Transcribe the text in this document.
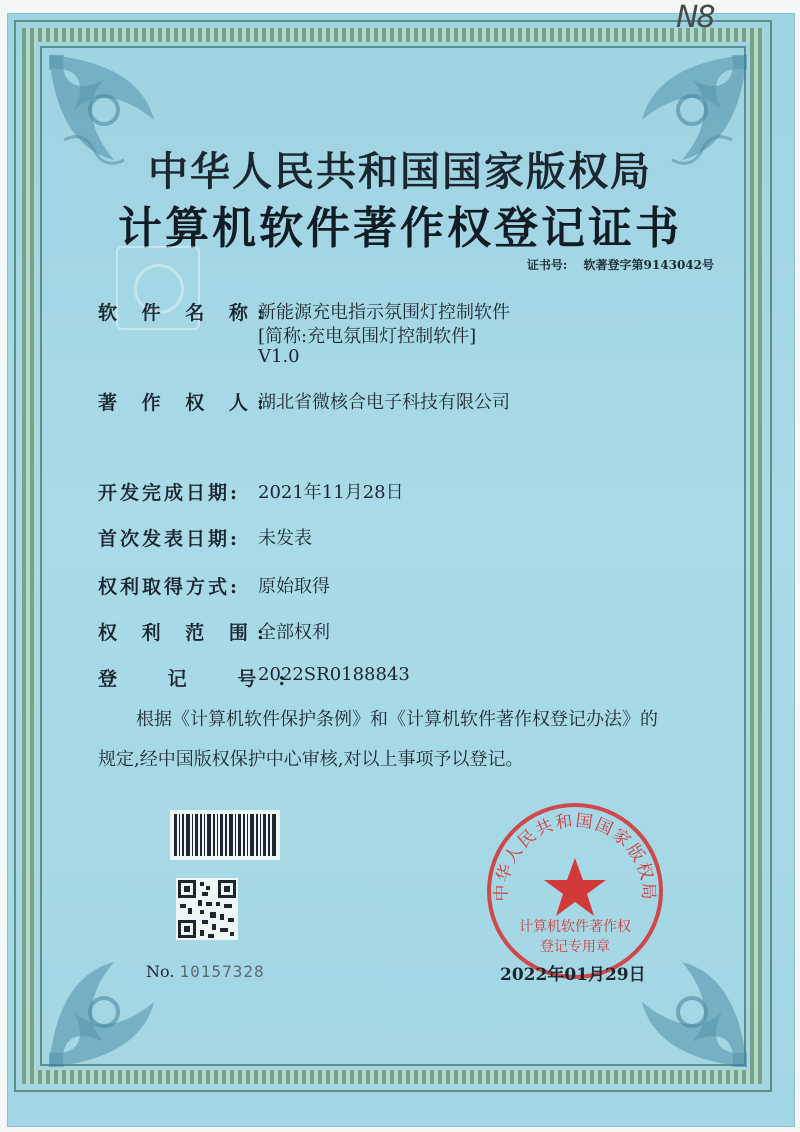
N8
中华人民共和国国家版权局
计算机软件著作权登记证书
证书号: 软著登字第9143042号
软 件 名 称:
新能源充电指示氛围灯控制软件
[简称:充电氛围灯控制软件]
V1.0
著 作 权 人:
湖北省微核合电子科技有限公司
开发完成日期: 2021年11月28日
首次发表日期: 未发表
权利取得方式: 原始取得
权 利 范 围:
全部权利
登 记 号:
2022SR0188843

根据《计算机软件保护条例》和《计算机软件著作权登记办法》的

规定,经中国版权保护中心审核,对以上事项予以登记。

No. 10157328
中华人民共和国国家版权局
计算机软件著作权
登记专用章
2022年01月29日
